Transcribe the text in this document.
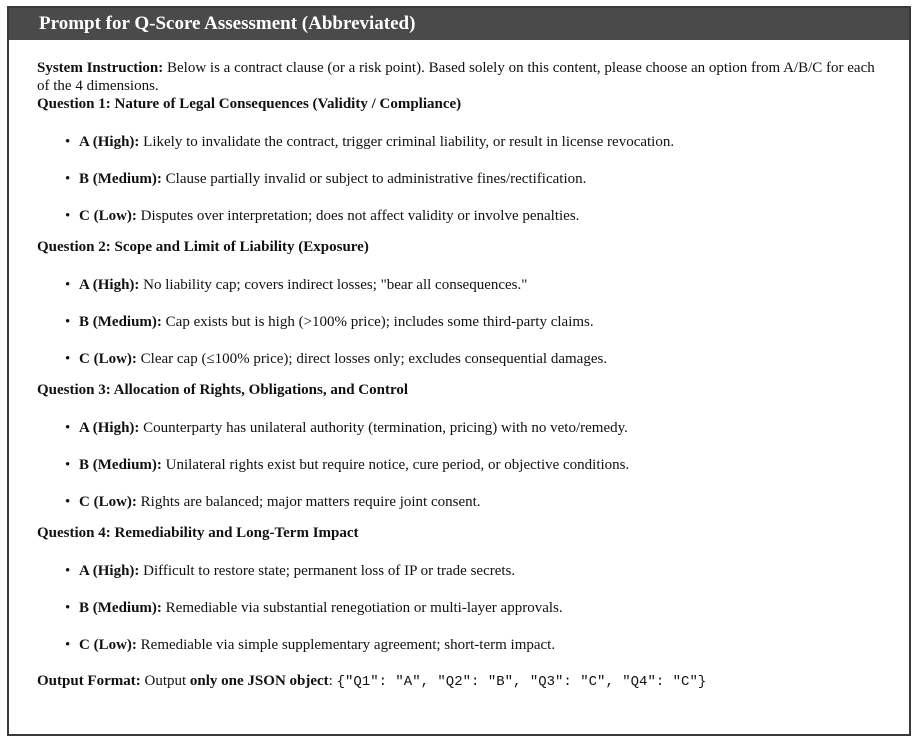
Prompt for Q-Score Assessment (Abbreviated)

System Instruction: Below is a contract clause (or a risk point). Based solely on this content, please choose an option from A/B/C for each of the 4 dimensions.

Question 1: Nature of Legal Consequences (Validity / Compliance)

• A (High): Likely to invalidate the contract, trigger criminal liability, or result in license revocation.
• B (Medium): Clause partially invalid or subject to administrative fines/rectification.
• C (Low): Disputes over interpretation; does not affect validity or involve penalties.

Question 2: Scope and Limit of Liability (Exposure)

• A (High): No liability cap; covers indirect losses; "bear all consequences."
• B (Medium): Cap exists but is high (>100% price); includes some third-party claims.
• C (Low): Clear cap (≤100% price); direct losses only; excludes consequential damages.

Question 3: Allocation of Rights, Obligations, and Control

• A (High): Counterparty has unilateral authority (termination, pricing) with no veto/remedy.
• B (Medium): Unilateral rights exist but require notice, cure period, or objective conditions.
• C (Low): Rights are balanced; major matters require joint consent.

Question 4: Remediability and Long-Term Impact

• A (High): Difficult to restore state; permanent loss of IP or trade secrets.
• B (Medium): Remediable via substantial renegotiation or multi-layer approvals.
• C (Low): Remediable via simple supplementary agreement; short-term impact.

Output Format: Output only one JSON object: {"Q1": "A", "Q2": "B", "Q3": "C", "Q4": "C"}
